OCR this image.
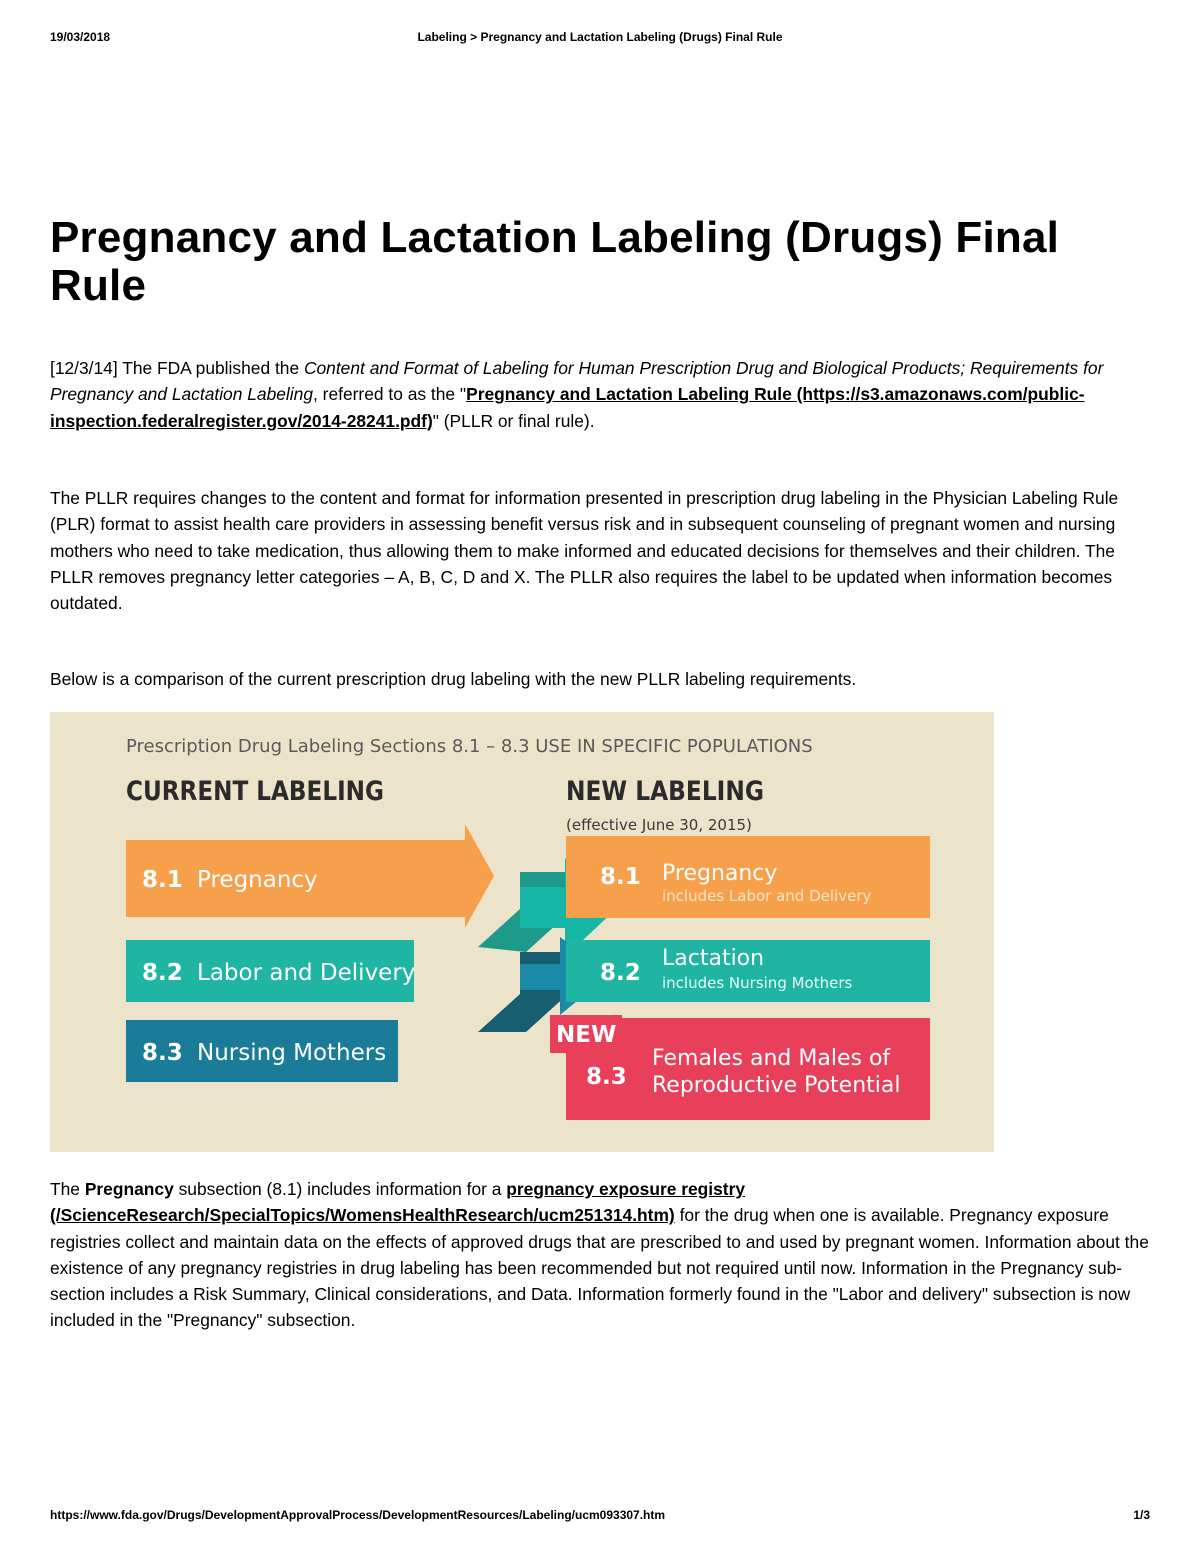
19/03/2018	Labeling > Pregnancy and Lactation Labeling (Drugs) Final Rule
Pregnancy and Lactation Labeling (Drugs) Final Rule

[12/3/14] The FDA published the Content and Format of Labeling for Human Prescription Drug and Biological Products; Requirements for Pregnancy and Lactation Labeling, referred to as the "Pregnancy and Lactation Labeling Rule (https://s3.amazonaws.com/public-inspection.federalregister.gov/2014-28241.pdf)" (PLLR or final rule).

The PLLR requires changes to the content and format for information presented in prescription drug labeling in the Physician Labeling Rule (PLR) format to assist health care providers in assessing benefit versus risk and in subsequent counseling of pregnant women and nursing mothers who need to take medication, thus allowing them to make informed and educated decisions for themselves and their children. The PLLR removes pregnancy letter categories – A, B, C, D and X. The PLLR also requires the label to be updated when information becomes outdated.

Below is a comparison of the current prescription drug labeling with the new PLLR labeling requirements.

Prescription Drug Labeling Sections 8.1 – 8.3 USE IN SPECIFIC POPULATIONS
CURRENT LABELING	NEW LABELING
(effective June 30, 2015)
8.1 Pregnancy
8.2 Labor and Delivery
8.3 Nursing Mothers
8.1 Pregnancy
includes Labor and Delivery
8.2
Lactation
includes Nursing Mothers
NEW
8.3
Females and Males of
Reproductive Potential

The Pregnancy subsection (8.1) includes information for a pregnancy exposure registry (/ScienceResearch/SpecialTopics/WomensHealthResearch/ucm251314.htm) for the drug when one is available. Pregnancy exposure registries collect and maintain data on the effects of approved drugs that are prescribed to and used by pregnant women. Information about the existence of any pregnancy registries in drug labeling has been recommended but not required until now. Information in the Pregnancy sub-section includes a Risk Summary, Clinical considerations, and Data. Information formerly found in the "Labor and delivery" subsection is now included in the "Pregnancy" subsection.

https://www.fda.gov/Drugs/DevelopmentApprovalProcess/DevelopmentResources/Labeling/ucm093307.htm	1/3
